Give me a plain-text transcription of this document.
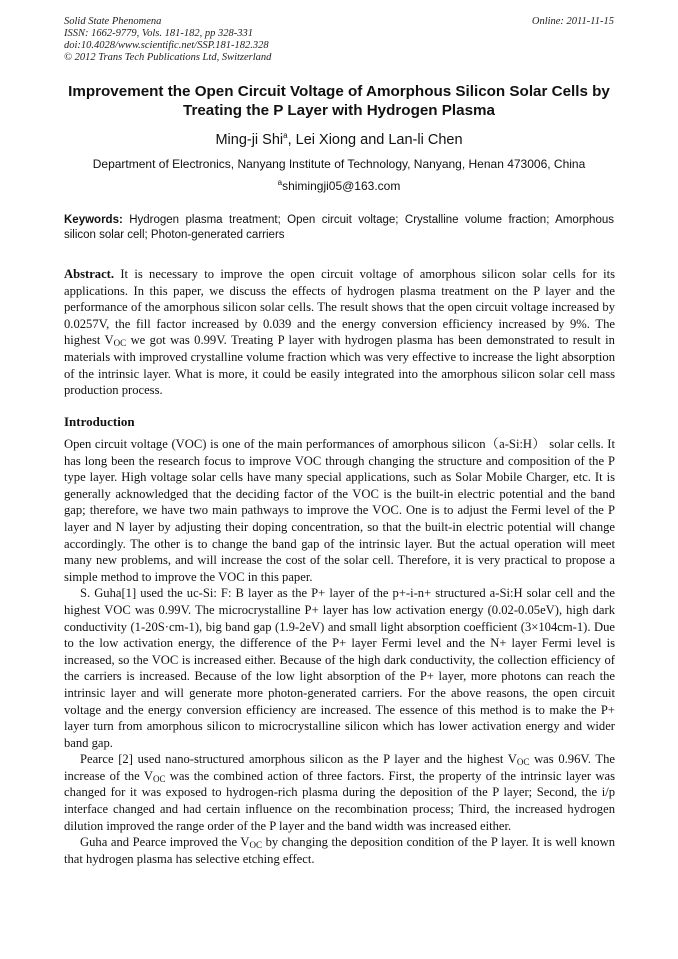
Solid State Phenomena
ISSN: 1662-9779, Vols. 181-182, pp 328-331
doi:10.4028/www.scientific.net/SSP.181-182.328
© 2012 Trans Tech Publications Ltd, Switzerland
Online: 2011-11-15
Improvement the Open Circuit Voltage of Amorphous Silicon Solar Cells by Treating the P Layer with Hydrogen Plasma
Ming-ji Shi$^a$, Lei Xiong and Lan-li Chen
Department of Electronics, Nanyang Institute of Technology, Nanyang, Henan 473006, China
$^a$shimingji05@163.com

Keywords: Hydrogen plasma treatment; Open circuit voltage; Crystalline volume fraction; Amorphous silicon solar cell; Photon-generated carriers

Abstract. It is necessary to improve the open circuit voltage of amorphous silicon solar cells for its applications. In this paper, we discuss the effects of hydrogen plasma treatment on the P layer and the performance of the amorphous silicon solar cells. The result shows that the open circuit voltage increased by 0.0257V, the fill factor increased by 0.039 and the energy conversion efficiency increased by 9%. The highest $V_{OC}$ we got was 0.99V. Treating P layer with hydrogen plasma has been demonstrated to result in materials with improved crystalline volume fraction which was very effective to increase the light absorption of the intrinsic layer. What is more, it could be easily integrated into the amorphous silicon solar cell mass production process.

Introduction

Open circuit voltage (VOC) is one of the main performances of amorphous silicon（a-Si:H） solar cells. It has long been the research focus to improve VOC through changing the structure and composition of the P type layer. High voltage solar cells have many special applications, such as Solar Mobile Charger, etc. It is generally acknowledged that the deciding factor of the VOC is the built-in electric potential and the band gap; therefore, we have two main pathways to improve the VOC. One is to adjust the Fermi level of the P layer and N layer by adjusting their doping concentration, so that the built-in electric potential will change accordingly. The other is to change the band gap of the intrinsic layer. But the actual operation will meet many new problems, and will increase the cost of the solar cell. Therefore, it is very practical to propose a simple method to improve the VOC in this paper.

S. Guha[1] used the uc-Si: F: B layer as the P+ layer of the p+-i-n+ structured a-Si:H solar cell and the highest VOC was 0.99V. The microcrystalline P+ layer has low activation energy (0.02-0.05eV), high dark conductivity (1-20S·cm-1), big band gap (1.9-2eV) and small light absorption coefficient (3×104cm-1). Due to the low activation energy, the difference of the P+ layer Fermi level and the N+ layer Fermi level is increased, so the VOC is increased either. Because of the high dark conductivity, the collection efficiency of the carriers is increased. Because of the low light absorption of the P+ layer, more photons can reach the intrinsic layer and will generate more photon-generated carriers. For the above reasons, the open circuit voltage and the energy conversion efficiency are increased. The essence of this method is to make the P+ layer turn from amorphous silicon to microcrystalline silicon which has lower activation energy and wider band gap.

Pearce [2] used nano-structured amorphous silicon as the P layer and the highest $V_{OC}$ was 0.96V. The increase of the $V_{OC}$ was the combined action of three factors. First, the property of the intrinsic layer was changed for it was exposed to hydrogen-rich plasma during the deposition of the P layer; Second, the i/p interface changed and had certain influence on the recombination process; Third, the increased hydrogen dilution improved the range order of the P layer and the band width was increased either.

Guha and Pearce improved the $V_{OC}$ by changing the deposition condition of the P layer. It is well known that hydrogen plasma has selective etching effect.
